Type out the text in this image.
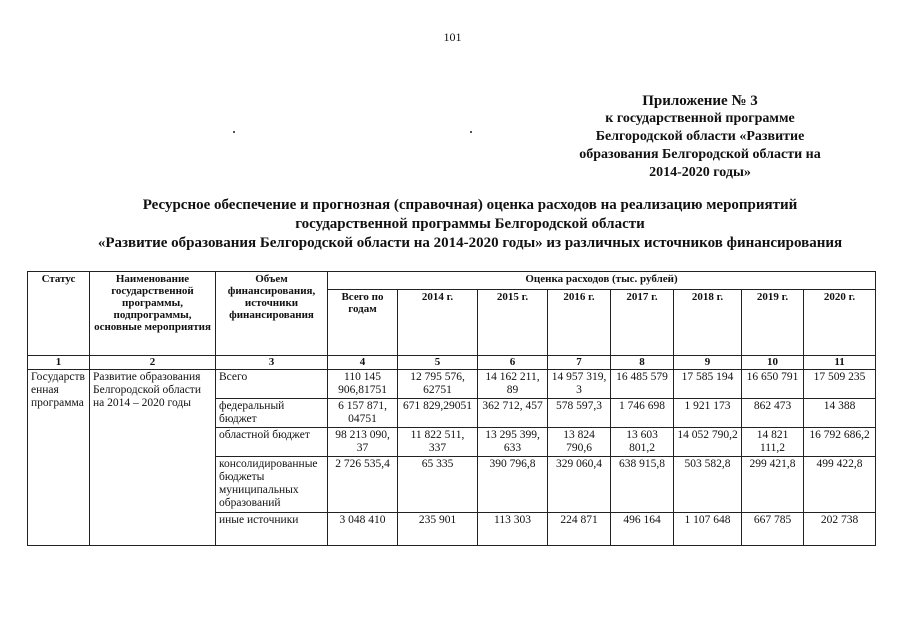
101
Приложение № 3
к государственной программе
Белгородской области «Развитие
образования Белгородской области на
2014-2020 годы»
Ресурсное обеспечение и прогнозная (справочная) оценка расходов на реализацию мероприятий
государственной программы Белгородской области
«Развитие образования Белгородской области на 2014-2020 годы» из различных источников финансирования
Статус	Наименование государственной программы, подпрограммы, основные мероприятия	Объем финансирования, источники финансирования	Оценка расходов (тыс. рублей)							
			Всего по годам	2014 г.	2015 г.	2016 г.	2017 г.	2018 г.	2019 г.	2020 г.
1	2	3	4	5	6	7	8	9	10	11
Государственная программа	Развитие образования Белгородской области на 2014 – 2020 годы	Всего	110 145 906,81751	12 795 576, 62751	14 162 211, 89	14 957 319, 3	16 485 579	17 585 194	16 650 791	17 509 235
		федеральный бюджет	6 157 871, 04751	671 829,29051	362 712, 457	578 597,3	1 746 698	1 921 173	862 473	14 388
		областной бюджет	98 213 090, 37	11 822 511, 337	13 295 399, 633	13 824 790,6	13 603 801,2	14 052 790,2	14 821 111,2	16 792 686,2
		консолидированные бюджеты муниципальных образований	2 726 535,4	65 335	390 796,8	329 060,4	638 915,8	503 582,8	299 421,8	499 422,8
		иные источники	3 048 410	235 901	113 303	224 871	496 164	1 107 648	667 785	202 738
